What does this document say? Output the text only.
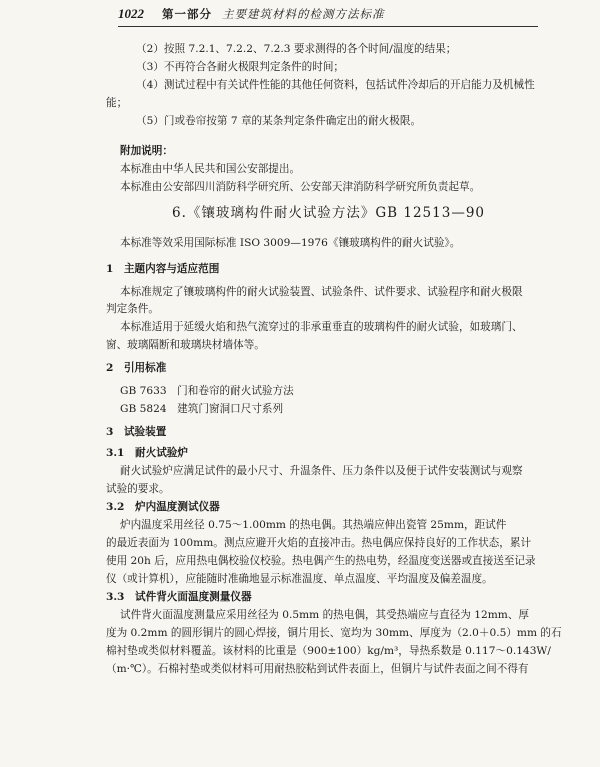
1022 第一部分 主要建筑材料的检测方法标准
（2）按照 7.2.1、7.2.2、7.2.3 要求测得的各个时间/温度的结果；
（3）不再符合各耐火极限判定条件的时间；
（4）测试过程中有关试件性能的其他任何资料，包括试件冷却后的开启能力及机械性
能；
（5）门或卷帘按第 7 章的某条判定条件确定出的耐火极限。
附加说明：
本标准由中华人民共和国公安部提出。
本标准由公安部四川消防科学研究所、公安部天津消防科学研究所负责起草。
6.《镶玻璃构件耐火试验方法》GB 12513—90
本标准等效采用国际标准 ISO 3009—1976《镶玻璃构件的耐火试验》。
1　主题内容与适应范围
本标准规定了镶玻璃构件的耐火试验装置、试验条件、试件要求、试验程序和耐火极限
判定条件。
本标准适用于延缓火焰和热气流穿过的非承重垂直的玻璃构件的耐火试验，如玻璃门、
窗、玻璃隔断和玻璃块材墙体等。
2　引用标准
GB 7633　门和卷帘的耐火试验方法
GB 5824　建筑门窗洞口尺寸系列
3　试验装置
3.1　耐火试验炉
耐火试验炉应满足试件的最小尺寸、升温条件、压力条件以及便于试件安装测试与观察
试验的要求。
3.2　炉内温度测试仪器
炉内温度采用丝径 0.75～1.00mm 的热电偶。其热端应伸出瓷管 25mm，距试件
的最近表面为 100mm。测点应避开火焰的直接冲击。热电偶应保持良好的工作状态，累计
使用 20h 后，应用热电偶校验仪校验。热电偶产生的热电势，经温度变送器或直接送至记录
仪（或计算机），应能随时准确地显示标准温度、单点温度、平均温度及偏差温度。
3.3　试件背火面温度测量仪器
试件背火面温度测量应采用丝径为 0.5mm 的热电偶，其受热端应与直径为 12mm、厚
度为 0.2mm 的圆形铜片的圆心焊接，铜片用长、宽均为 30mm、厚度为（2.0＋0.5）mm 的石
棉衬垫或类似材料覆盖。该材料的比重是（900±100）kg/m³，导热系数是 0.117～0.143W/
（m·℃）。石棉衬垫或类似材料可用耐热胶粘到试件表面上，但铜片与试件表面之间不得有
